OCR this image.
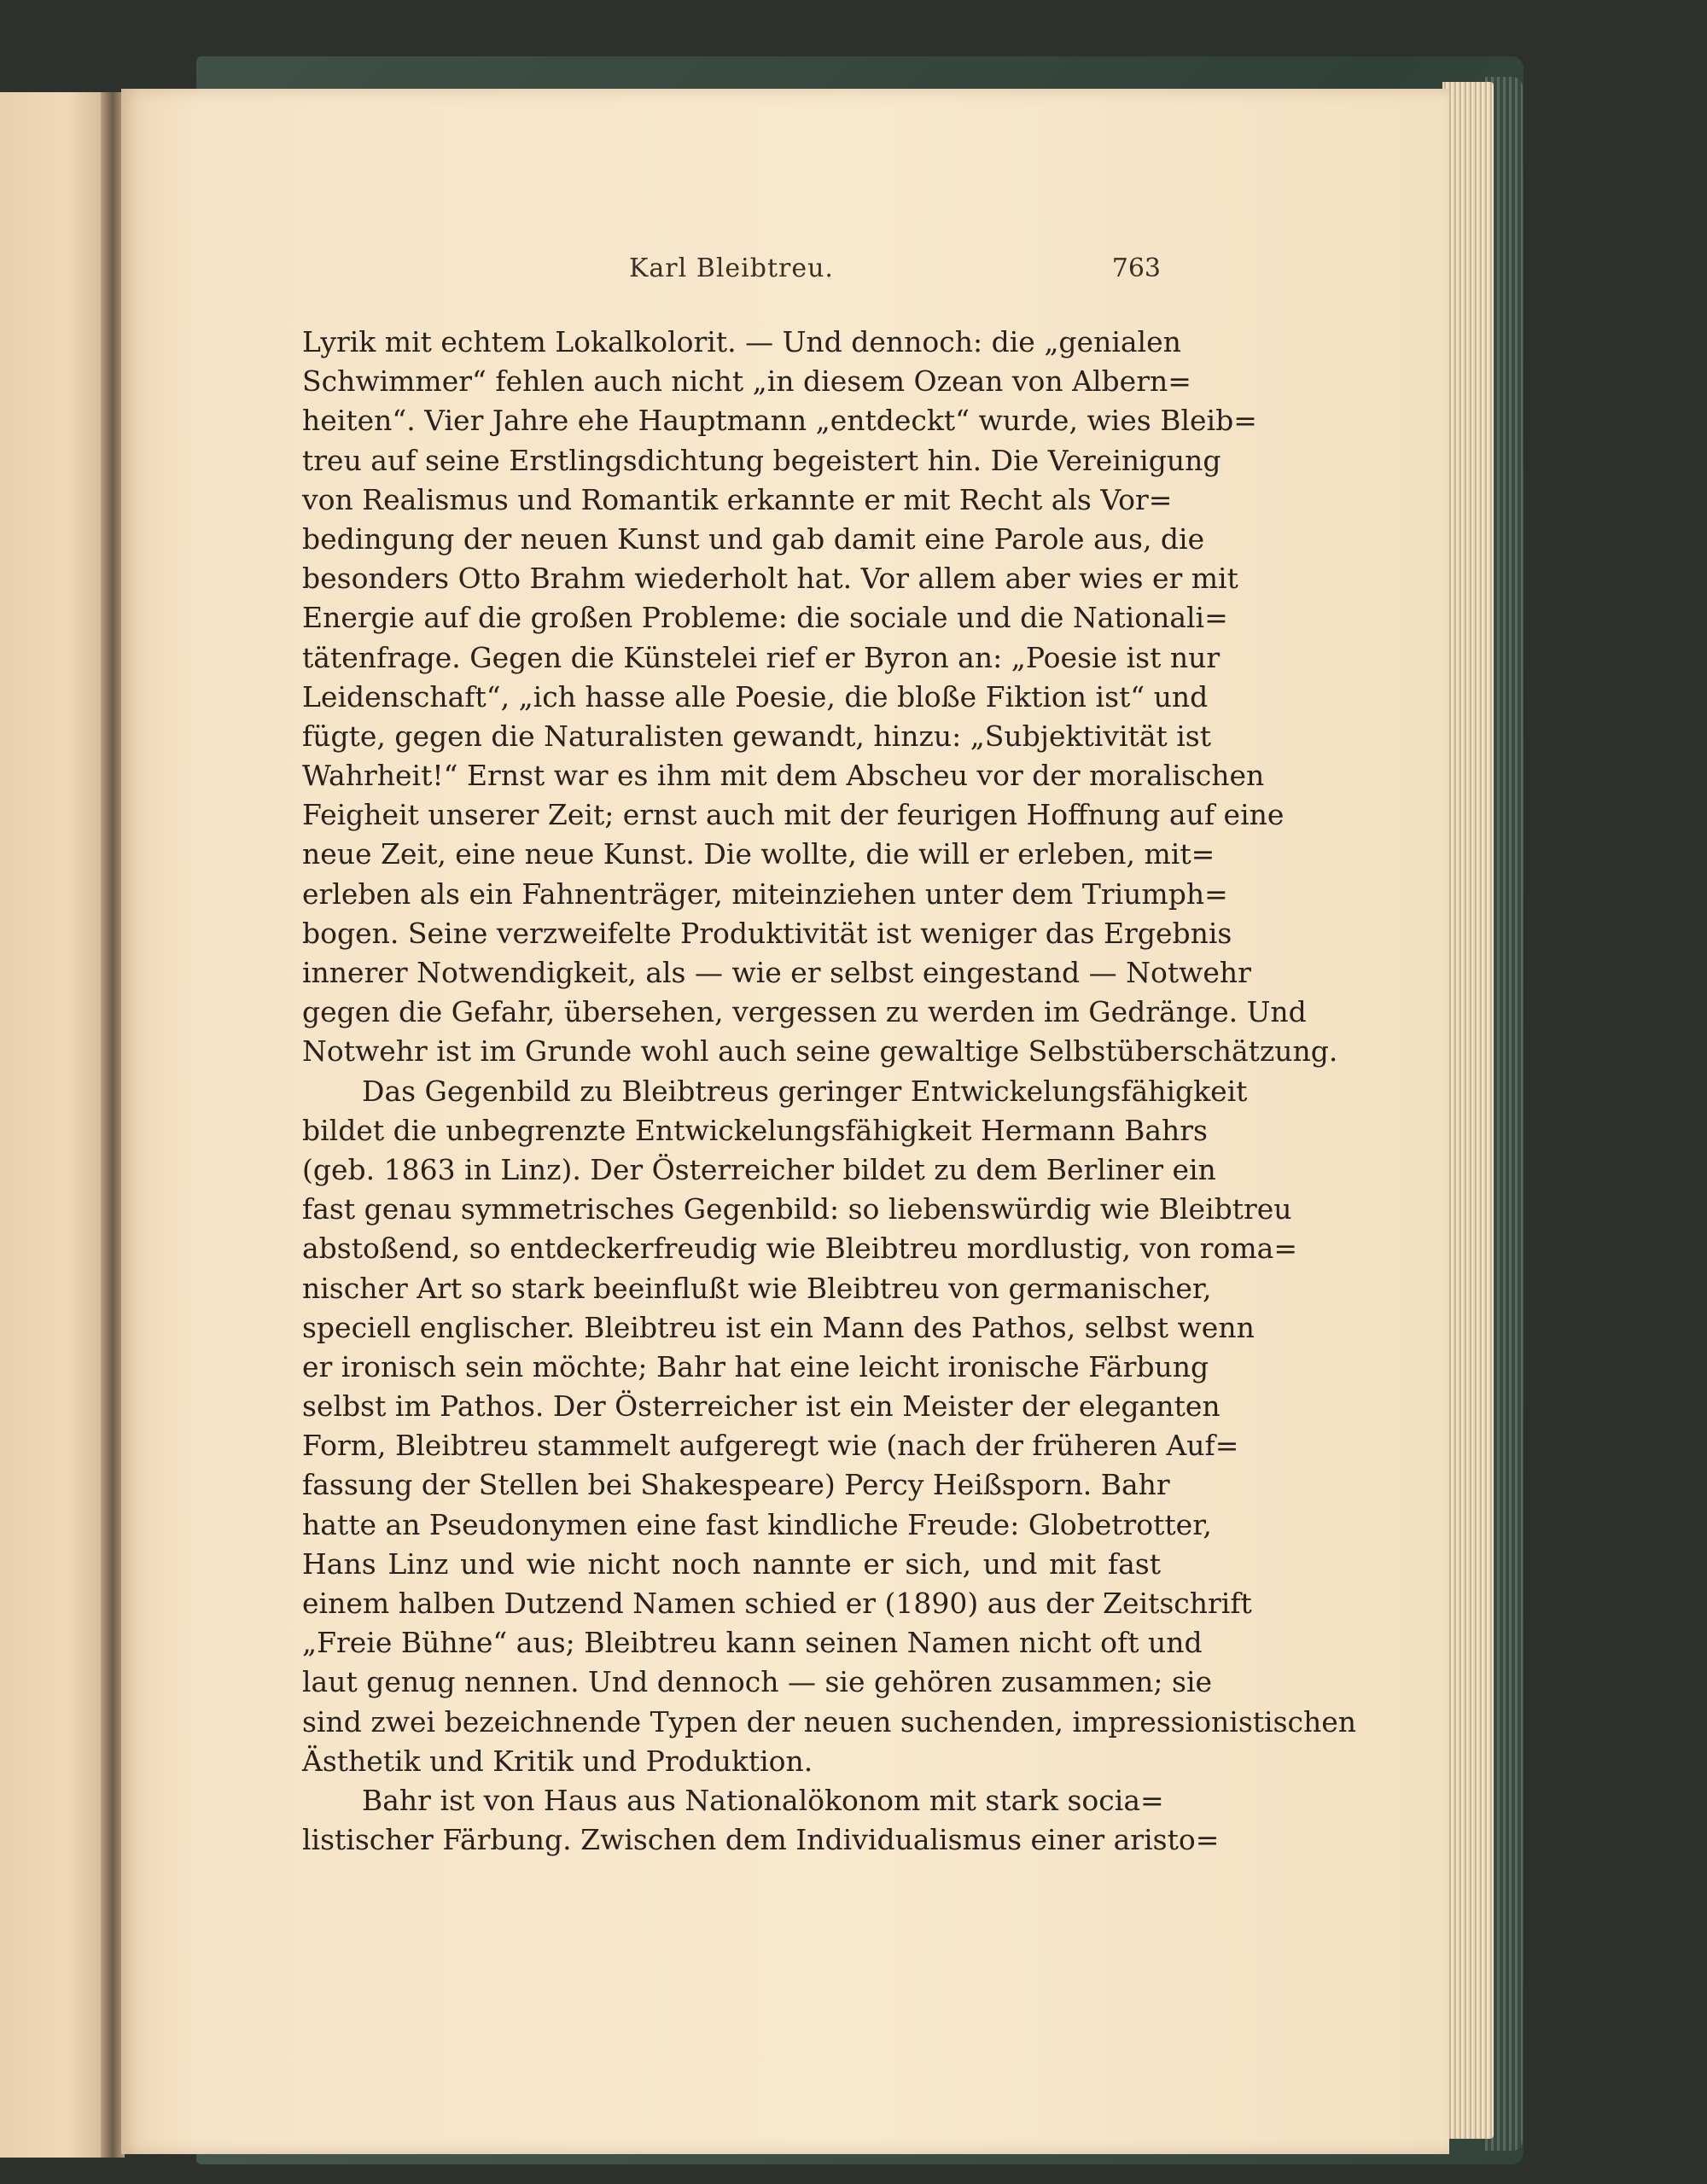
Karl Bleibtreu.	763
Lyrik mit echtem Lokalkolorit. — Und dennoch: die „genialen
Schwimmer“ fehlen auch nicht „in diesem Ozean von Albern=
heiten“. Vier Jahre ehe Hauptmann „entdeckt“ wurde, wies Bleib=
treu auf seine Erstlingsdichtung begeistert hin. Die Vereinigung
von Realismus und Romantik erkannte er mit Recht als Vor=
bedingung der neuen Kunst und gab damit eine Parole aus, die
besonders Otto Brahm wiederholt hat. Vor allem aber wies er mit
Energie auf die großen Probleme: die sociale und die Nationali=
tätenfrage. Gegen die Künstelei rief er Byron an: „Poesie ist nur
Leidenschaft“, „ich hasse alle Poesie, die bloße Fiktion ist“ und
fügte, gegen die Naturalisten gewandt, hinzu: „Subjektivität ist
Wahrheit!“ Ernst war es ihm mit dem Abscheu vor der moralischen
Feigheit unserer Zeit; ernst auch mit der feurigen Hoffnung auf eine
neue Zeit, eine neue Kunst. Die wollte, die will er erleben, mit=
erleben als ein Fahnenträger, miteinziehen unter dem Triumph=
bogen. Seine verzweifelte Produktivität ist weniger das Ergebnis
innerer Notwendigkeit, als — wie er selbst eingestand — Notwehr
gegen die Gefahr, übersehen, vergessen zu werden im Gedränge. Und
Notwehr ist im Grunde wohl auch seine gewaltige Selbstüberschätzung.
Das Gegenbild zu Bleibtreus geringer Entwickelungsfähigkeit
bildet die unbegrenzte Entwickelungsfähigkeit Hermann Bahrs
(geb. 1863 in Linz). Der Österreicher bildet zu dem Berliner ein
fast genau symmetrisches Gegenbild: so liebenswürdig wie Bleibtreu
abstoßend, so entdeckerfreudig wie Bleibtreu mordlustig, von roma=
nischer Art so stark beeinflußt wie Bleibtreu von germanischer,
speciell englischer. Bleibtreu ist ein Mann des Pathos, selbst wenn
er ironisch sein möchte; Bahr hat eine leicht ironische Färbung
selbst im Pathos. Der Österreicher ist ein Meister der eleganten
Form, Bleibtreu stammelt aufgeregt wie (nach der früheren Auf=
fassung der Stellen bei Shakespeare) Percy Heißsporn. Bahr
hatte an Pseudonymen eine fast kindliche Freude: Globetrotter,
Hans Linz und wie nicht noch nannte er sich, und mit fast
einem halben Dutzend Namen schied er (1890) aus der Zeitschrift
„Freie Bühne“ aus; Bleibtreu kann seinen Namen nicht oft und
laut genug nennen. Und dennoch — sie gehören zusammen; sie
sind zwei bezeichnende Typen der neuen suchenden, impressionistischen
Ästhetik und Kritik und Produktion.
Bahr ist von Haus aus Nationalökonom mit stark socia=
listischer Färbung. Zwischen dem Individualismus einer aristo=
